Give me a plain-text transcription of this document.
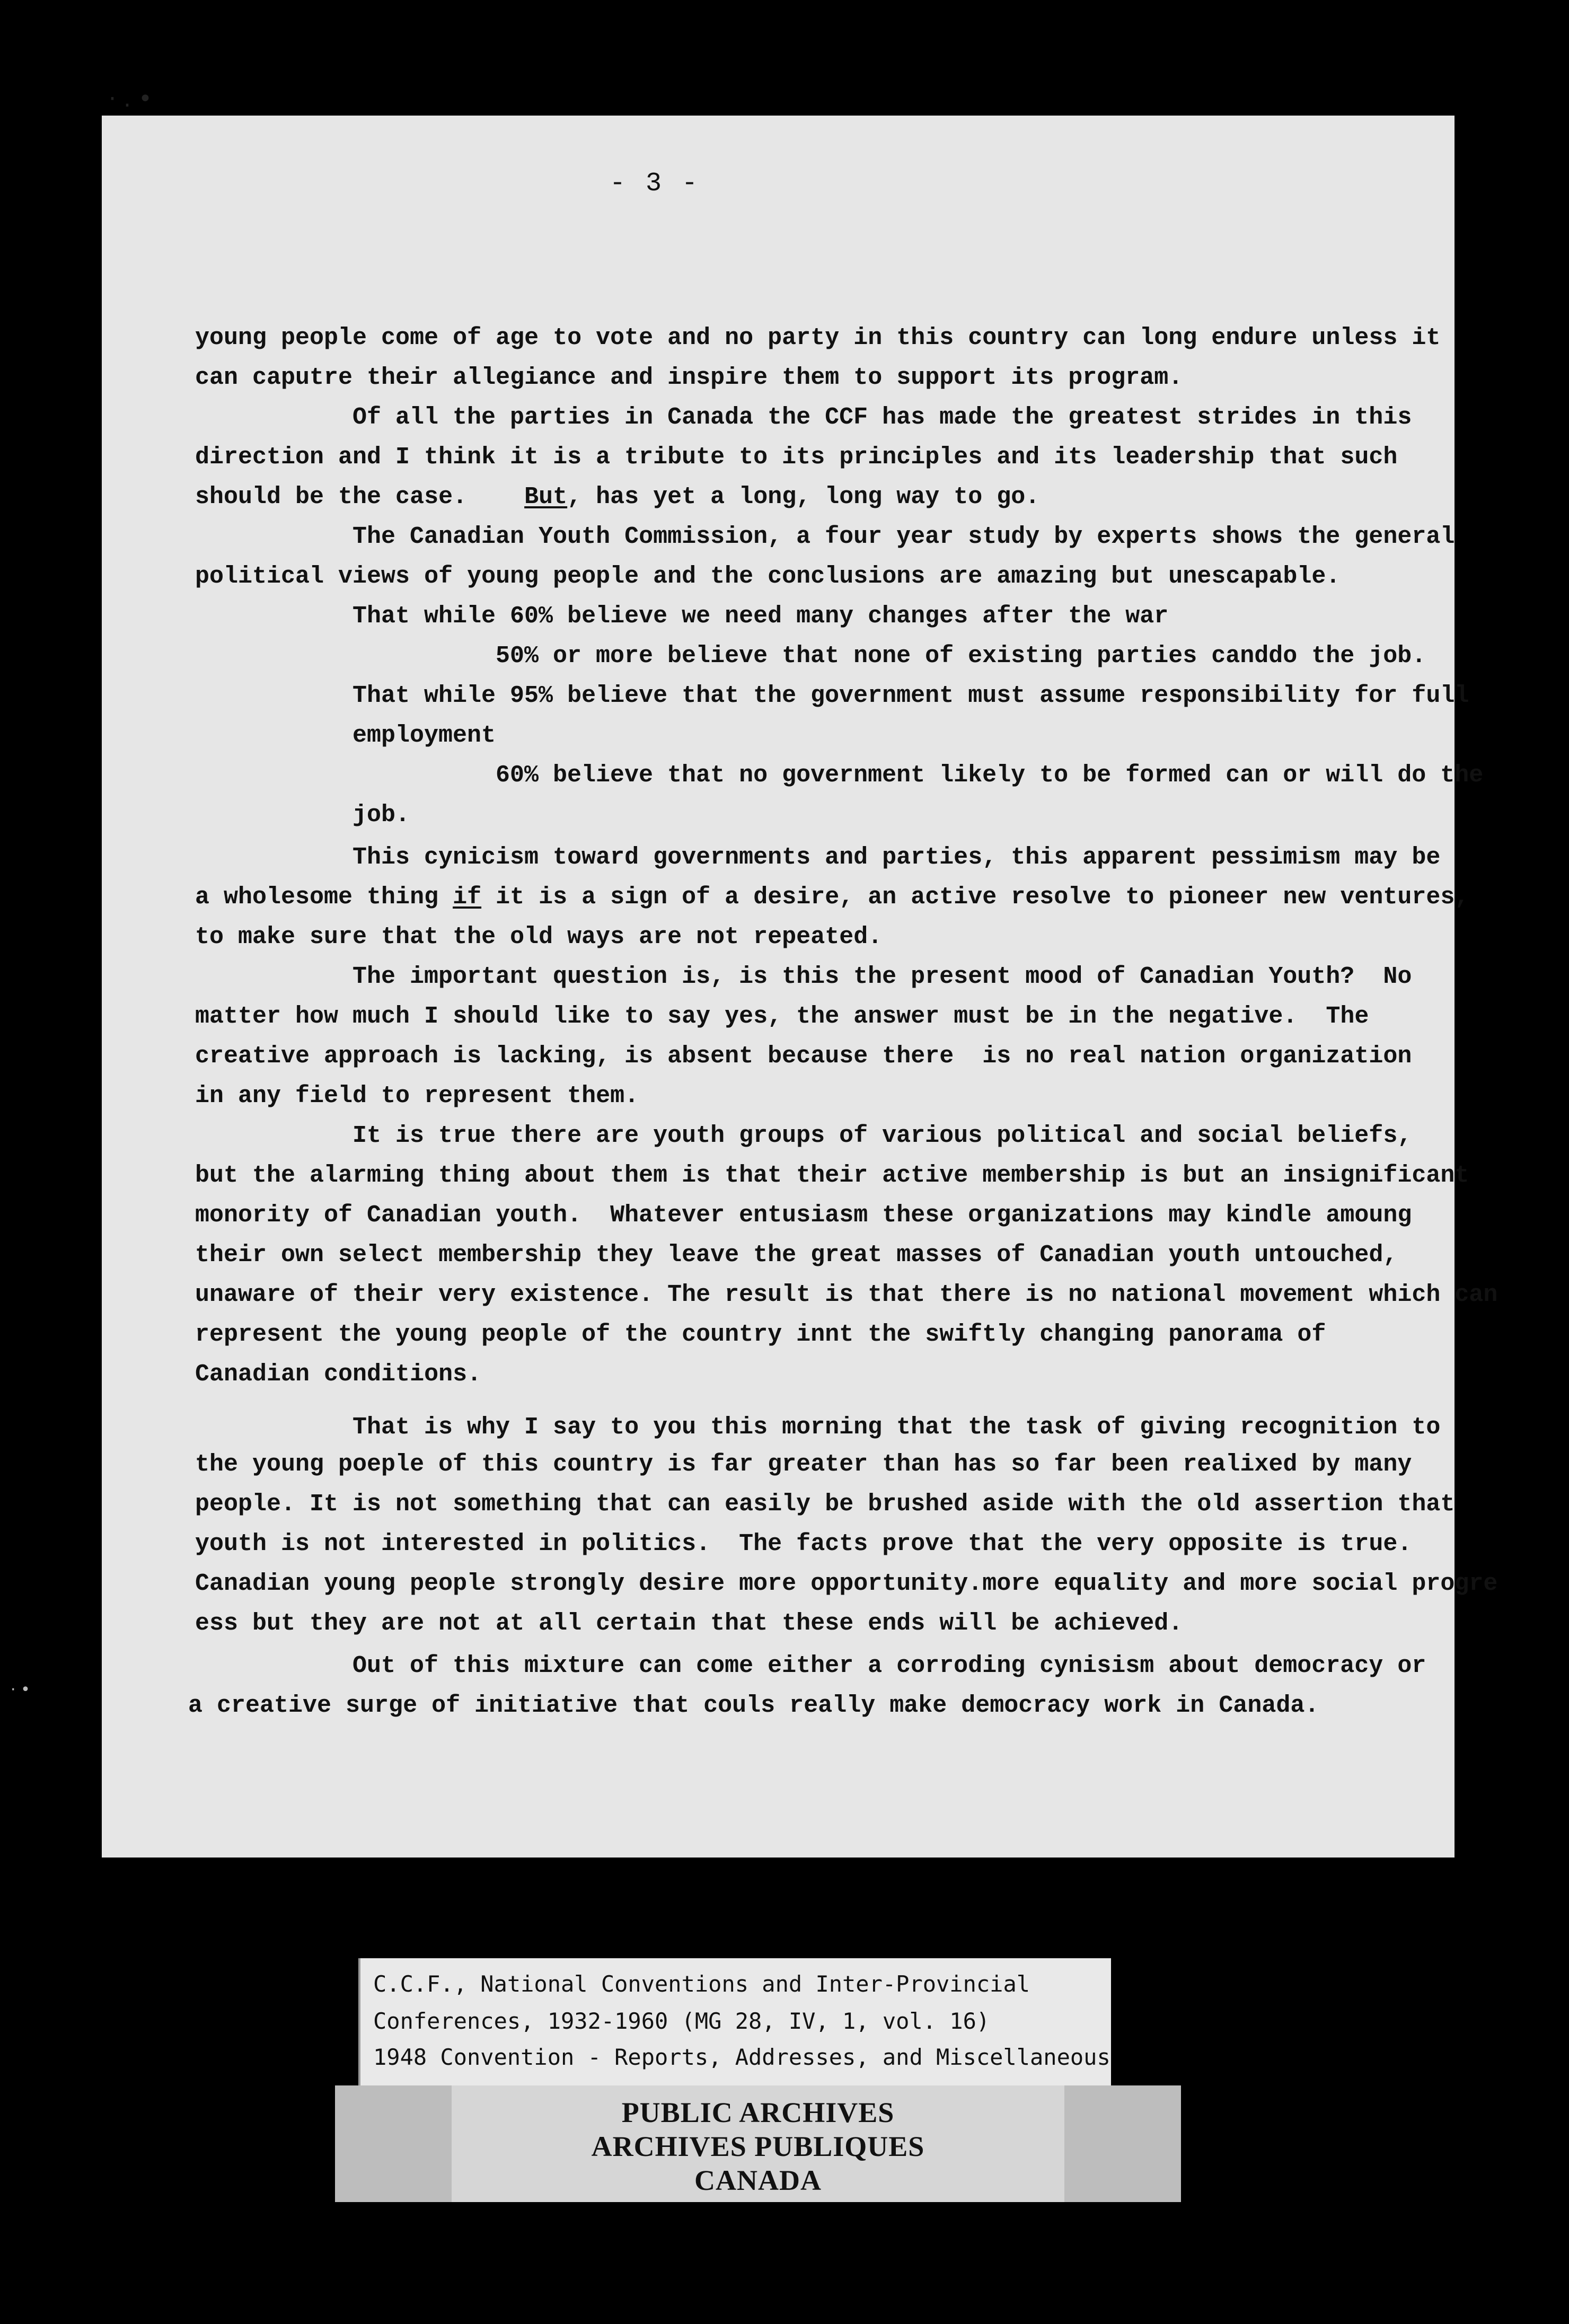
· . •
- 3 -
young people come of age to vote and no party in this country can long endure unless it
can caputre their allegiance and inspire them to support its program.
Of all the parties in Canada the CCF has made the greatest strides in this
direction and I think it is a tribute to its principles and its leadership that such
should be the case. But, has yet a long, long way to go.
The Canadian Youth Commission, a four year study by experts shows the general
political views of young people and the conclusions are amazing but unescapable.
That while 60% believe we need many changes after the war
50% or more believe that none of existing parties canddo the job.
That while 95% believe that the government must assume responsibility for full
employment
60% believe that no government likely to be formed can or will do the
job.
This cynicism toward governments and parties, this apparent pessimism may be
a wholesome thing if it is a sign of a desire, an active resolve to pioneer new ventures,
to make sure that the old ways are not repeated.
The important question is, is this the present mood of Canadian Youth?  No
matter how much I should like to say yes, the answer must be in the negative.  The
creative approach is lacking, is absent because there  is no real nation organization
in any field to represent them.
It is true there are youth groups of various political and social beliefs,
but the alarming thing about them is that their active membership is but an insignificant
monority of Canadian youth.  Whatever entusiasm these organizations may kindle amoung
their own select membership they leave the great masses of Canadian youth untouched,
unaware of their very existence. The result is that there is no national movement which can
represent the young people of the country innt the swiftly changing panorama of
Canadian conditions.
That is why I say to you this morning that the task of giving recognition to
the young poeple of this country is far greater than has so far been realixed by many
people. It is not something that can easily be brushed aside with the old assertion that
youth is not interested in politics.  The facts prove that the very opposite is true.
Canadian young people strongly desire more opportunity.more equality and more social progre
ess but they are not at all certain that these ends will be achieved.
Out of this mixture can come either a corroding cynisism about democracy or
a creative surge of initiative that couls really make democracy work in Canada.
· •
C.C.F., National Conventions and Inter-Provincial
Conferences, 1932-1960 (MG 28, IV, 1, vol. 16)
1948 Convention - Reports, Addresses, and Miscellaneous
PUBLIC ARCHIVES
ARCHIVES PUBLIQUES
CANADA
